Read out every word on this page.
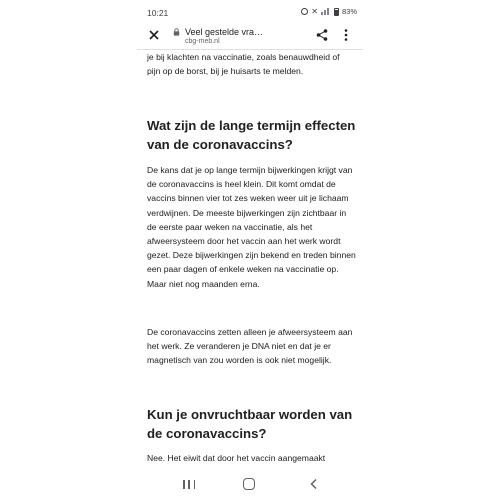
10:21	✕	83%
Veel gestelde vra…
cbg-meb.nl

je bij klachten na vaccinatie, zoals benauwdheid of pijn op de borst, bij je huisarts te melden.

Wat zijn de lange termijn effecten van de coronavaccins?

De kans dat je op lange termijn bijwerkingen krijgt van de coronavaccins is heel klein. Dit komt omdat de vaccins binnen vier tot zes weken weer uit je lichaam verdwijnen. De meeste bijwerkingen zijn zichtbaar in de eerste paar weken na vaccinatie, als het afweersysteem door het vaccin aan het werk wordt gezet. Deze bijwerkingen zijn bekend en treden binnen een paar dagen of enkele weken na vaccinatie op. Maar niet nog maanden erna.

De coronavaccins zetten alleen je afweersysteem aan het werk. Ze veranderen je DNA niet en dat je er magnetisch van zou worden is ook niet mogelijk.

Kun je onvruchtbaar worden van de coronavaccins?

Nee. Het eiwit dat door het vaccin aangemaakt
